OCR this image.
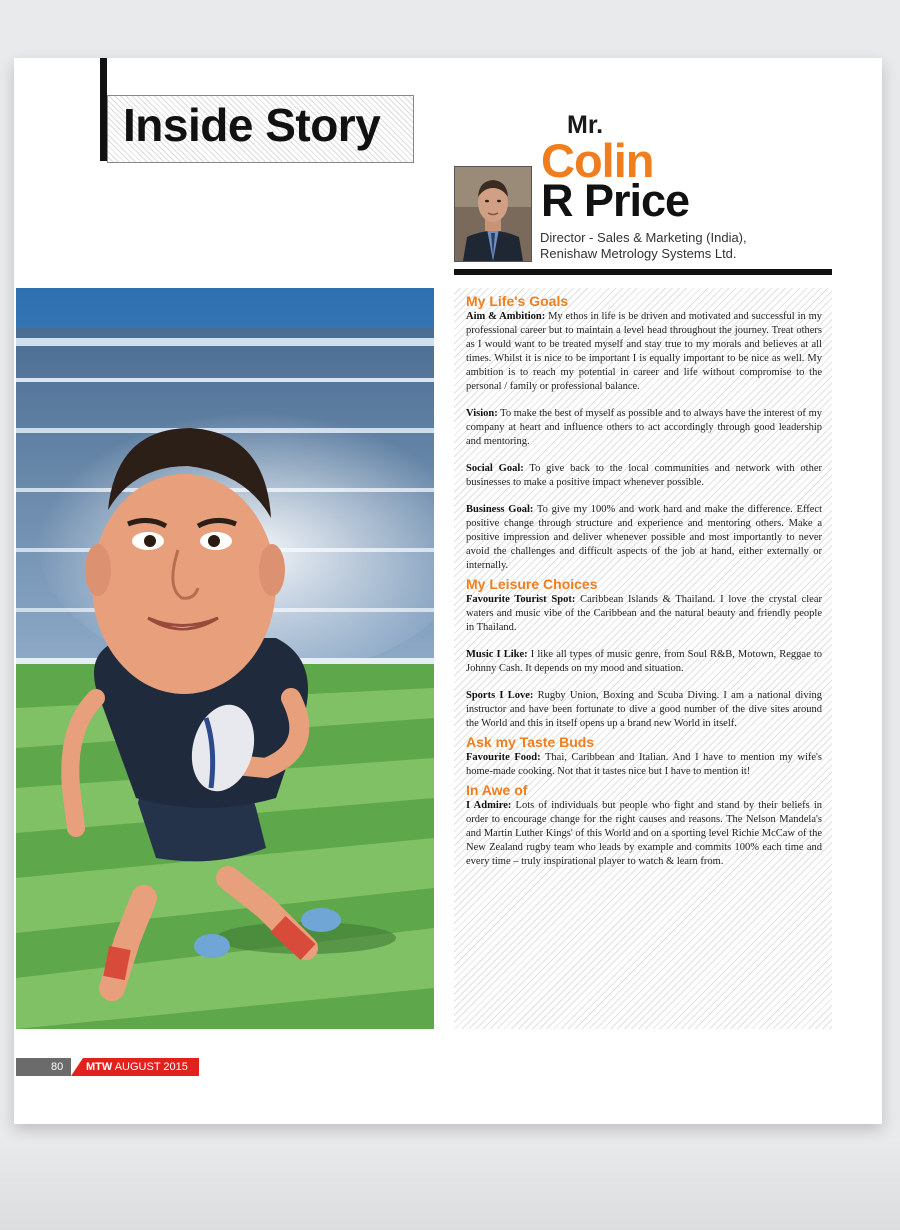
Inside Story	Mr.
Colin
R Price
Director - Sales & Marketing (India),
Renishaw Metrology Systems Ltd.
My Life's Goals

Aim & Ambition: My ethos in life is be driven and motivated and successful in my professional career but to maintain a level head throughout the journey. Treat others as I would want to be treated myself and stay true to my morals and believes at all times. Whilst it is nice to be important I is equally important to be nice as well. My ambition is to reach my potential in career and life without compromise to the personal / family or professional balance.

Vision: To make the best of myself as possible and to always have the interest of my company at heart and influence others to act accordingly through good leadership and mentoring.

Social Goal: To give back to the local communities and network with other businesses to make a positive impact whenever possible.

Business Goal: To give my 100% and work hard and make the difference. Effect positive change through structure and experience and mentoring others. Make a positive impression and deliver whenever possible and most importantly to never avoid the challenges and difficult aspects of the job at hand, either externally or internally.

My Leisure Choices

Favourite Tourist Spot: Caribbean Islands & Thailand. I love the crystal clear waters and music vibe of the Caribbean and the natural beauty and friendly people in Thailand.

Music I Like: I like all types of music genre, from Soul R&B, Motown, Reggae to Johnny Cash. It depends on my mood and situation.

Sports I Love: Rugby Union, Boxing and Scuba Diving. I am a national diving instructor and have been fortunate to dive a good number of the dive sites around the World and this in itself opens up a brand new World in itself.

Ask my Taste Buds

Favourite Food: Thai, Caribbean and Italian. And I have to mention my wife's home-made cooking. Not that it tastes nice but I have to mention it!

In Awe of

I Admire: Lots of individuals but people who fight and stand by their beliefs in order to encourage change for the right causes and reasons. The Nelson Mandela's and Martin Luther Kings' of this World and on a sporting level Richie McCaw of the New Zealand rugby team who leads by example and commits 100% each time and every time – truly inspirational player to watch & learn from.

80 MTW AUGUST 2015
